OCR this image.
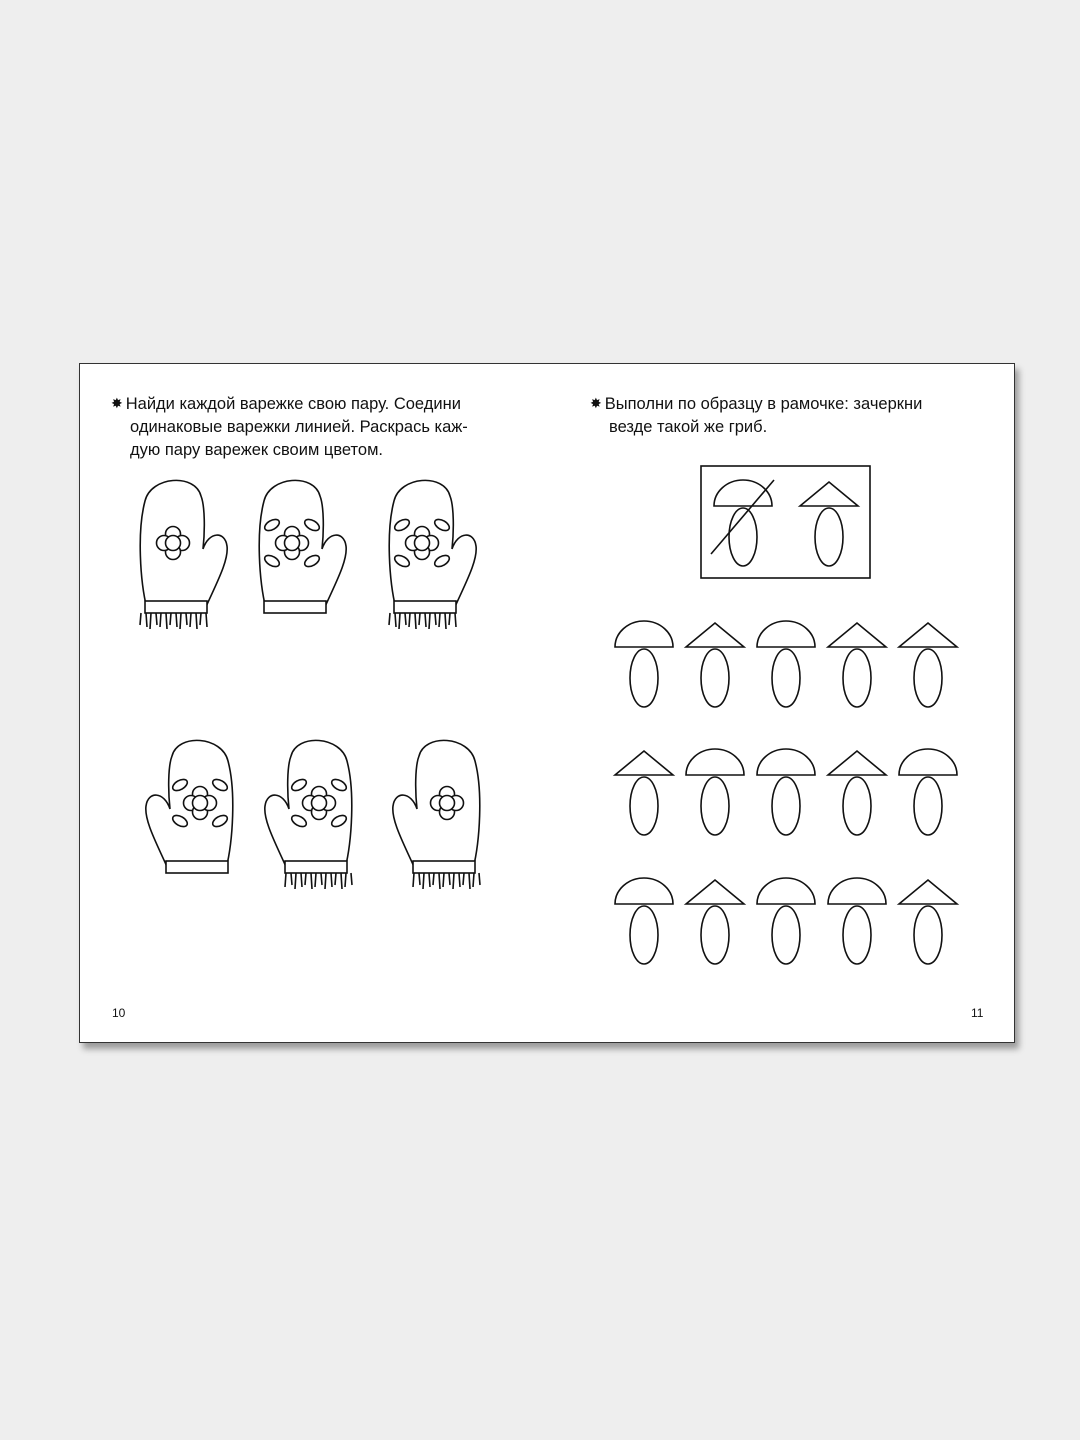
✸ Найди каждой варежке свою пару. Соедини
одинаковые варежки линией. Раскрась каж-
дую пару варежек своим цветом.
✸ Выполни по образцу в рамочке: зачеркни
везде такой же гриб.
10	11
